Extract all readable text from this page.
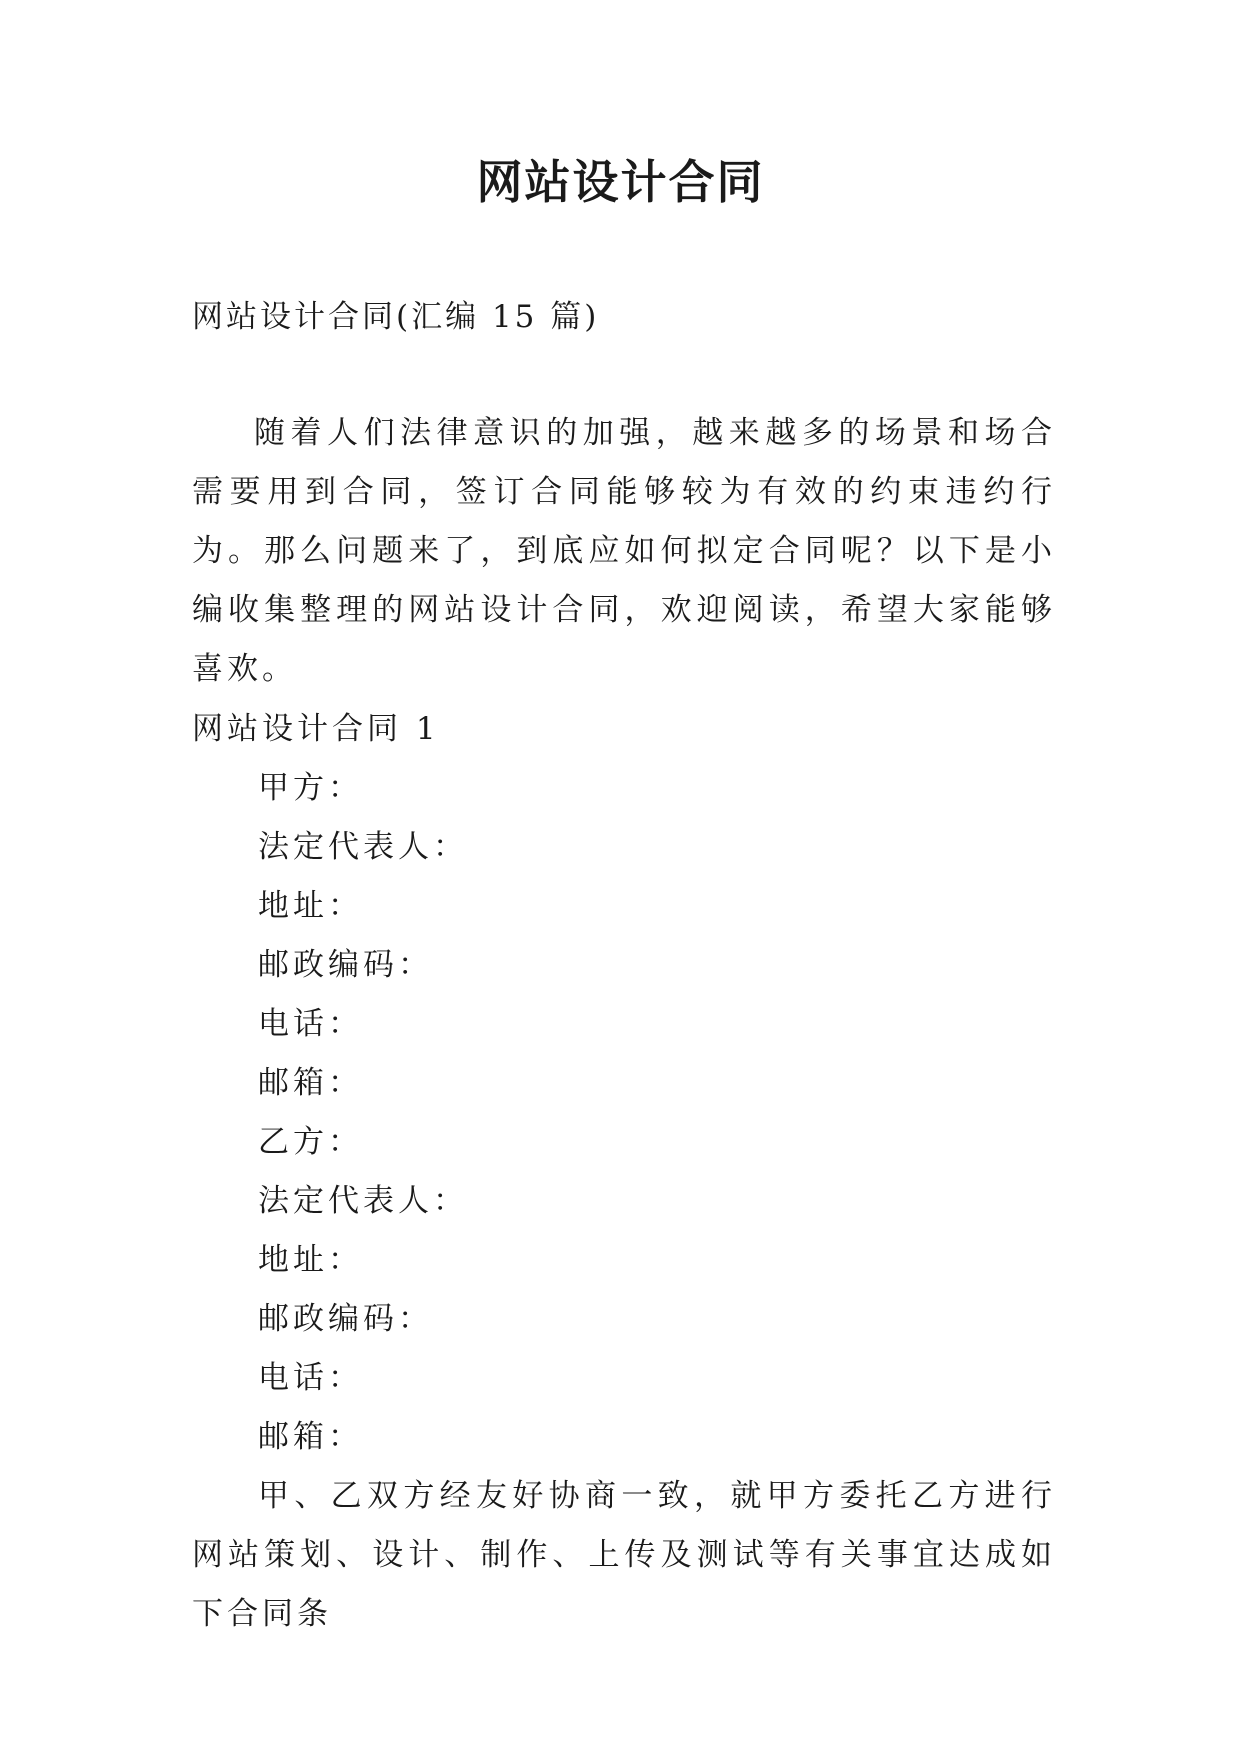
网站设计合同
网站设计合同(汇编 15 篇)
随着人们法律意识的加强，越来越多的场景和场合需要用到合同，签订合同能够较为有效的约束违约行为。那么问题来了，到底应如何拟定合同呢？以下是小编收集整理的网站设计合同，欢迎阅读，希望大家能够喜欢。

网站设计合同 1

甲方：

法定代表人：

地址：

邮政编码：

电话：

邮箱：

乙方：

法定代表人：

地址：

邮政编码：

电话：

邮箱：

甲、乙双方经友好协商一致，就甲方委托乙方进行网站策划、设计、制作、上传及测试等有关事宜达成如下合同条
